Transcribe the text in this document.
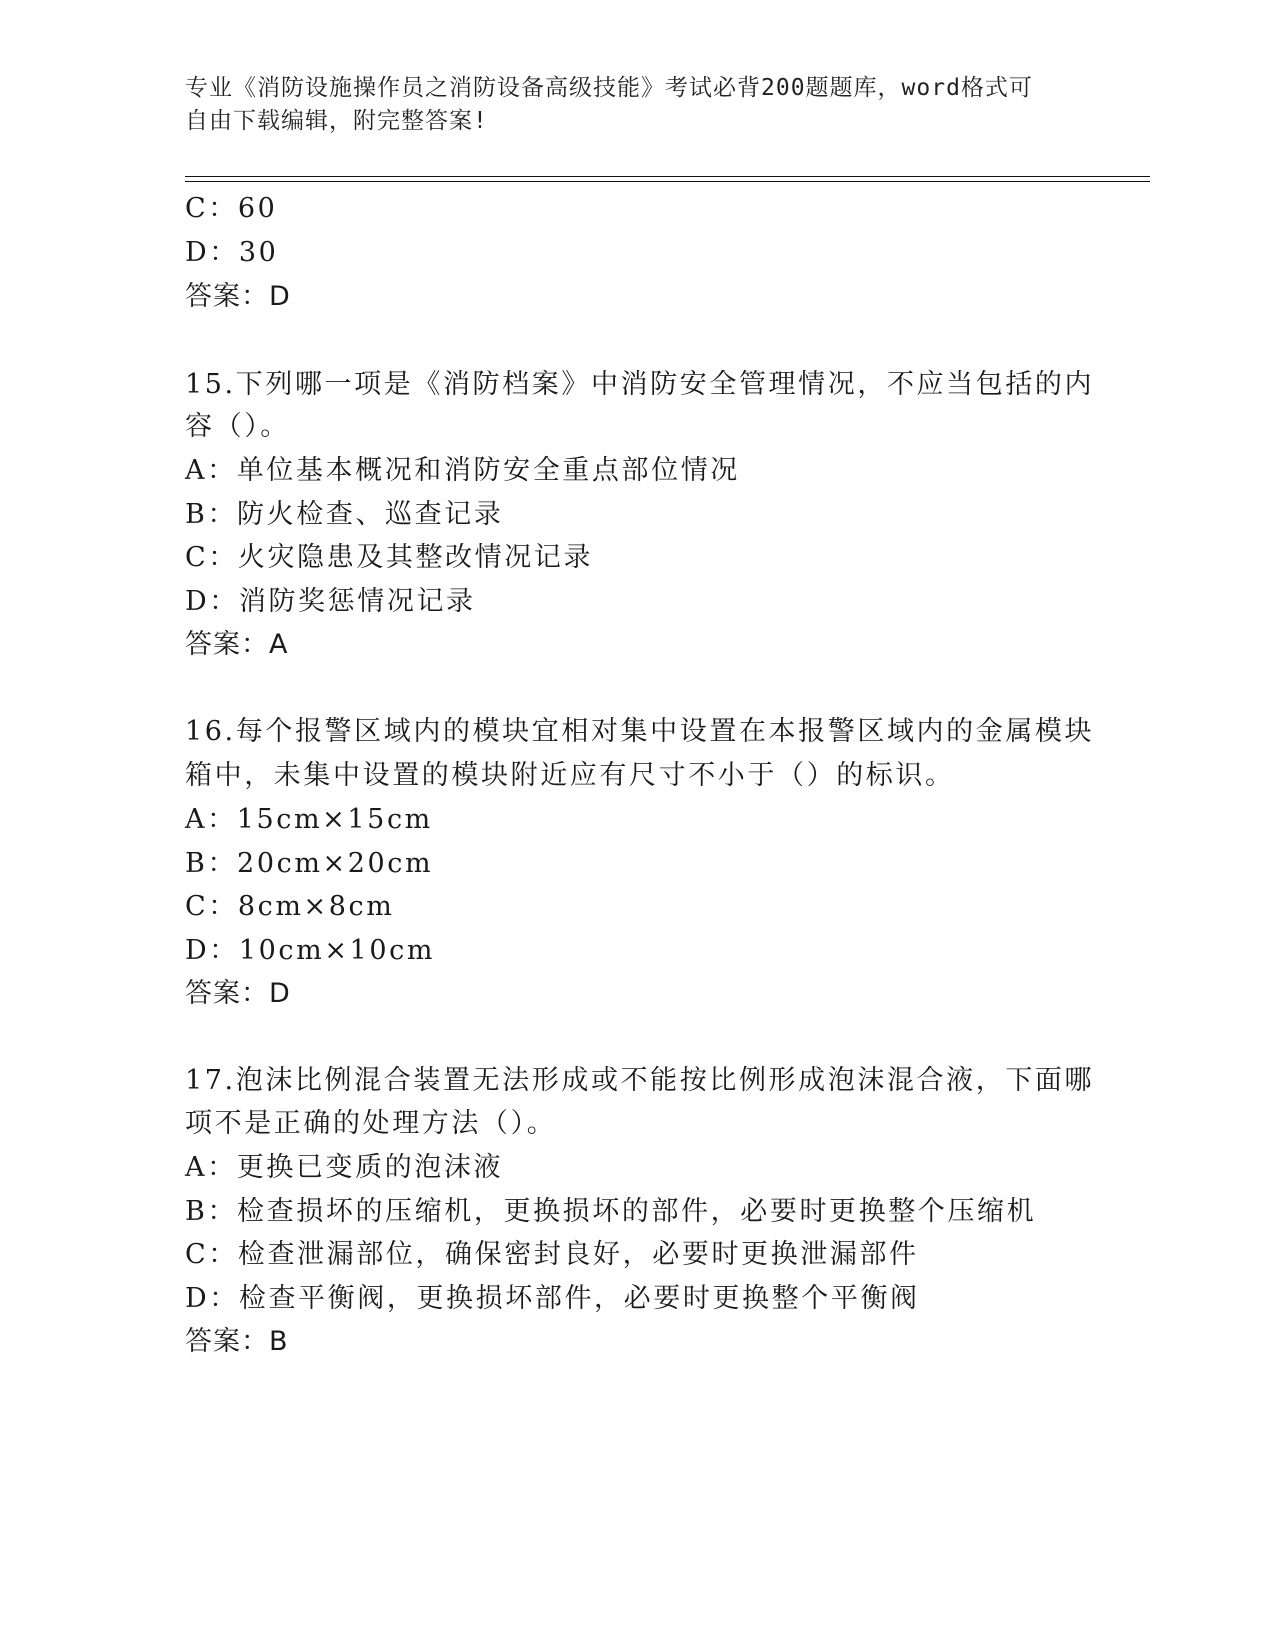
专业《消防设施操作员之消防设备高级技能》考试必背200题题库，word格式可
自由下载编辑，附完整答案!
C：60
D：30
答案：D
15.下列哪一项是《消防档案》中消防安全管理情况，不应当包括的内
容（）。
A：单位基本概况和消防安全重点部位情况
B：防火检查、巡查记录
C：火灾隐患及其整改情况记录
D：消防奖惩情况记录
答案：A
16.每个报警区域内的模块宜相对集中设置在本报警区域内的金属模块
箱中，未集中设置的模块附近应有尺寸不小于（）的标识。
A：15cm×15cm
B：20cm×20cm
C：8cm×8cm
D：10cm×10cm
答案：D
17.泡沫比例混合装置无法形成或不能按比例形成泡沫混合液，下面哪
项不是正确的处理方法（）。
A：更换已变质的泡沫液
B：检查损坏的压缩机，更换损坏的部件，必要时更换整个压缩机
C：检查泄漏部位，确保密封良好，必要时更换泄漏部件
D：检查平衡阀，更换损坏部件，必要时更换整个平衡阀
答案：B
